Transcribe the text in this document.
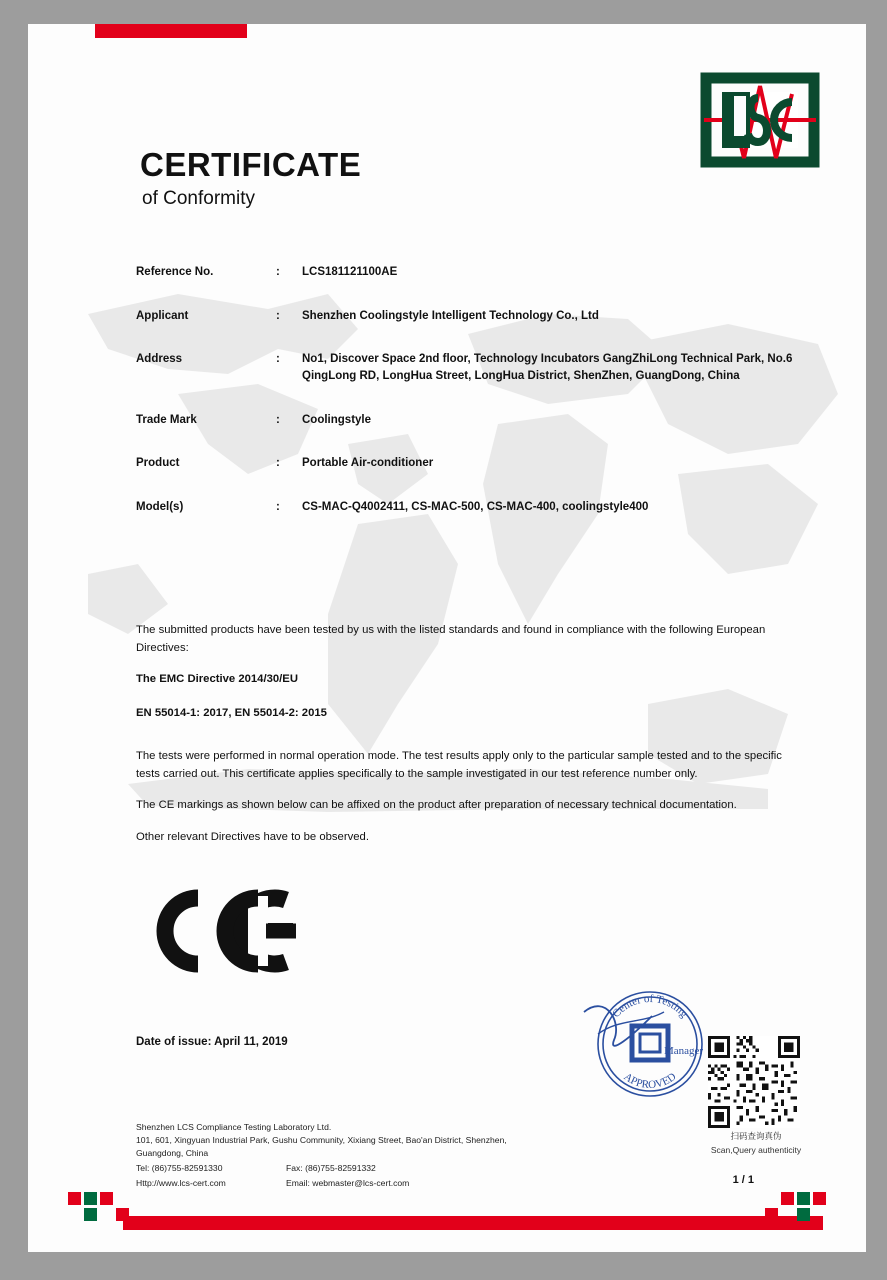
CERTIFICATE
of Conformity
Reference No.	:	LCS181121100AE
Applicant	:	Shenzhen Coolingstyle Intelligent Technology Co., Ltd
Address	:	No1, Discover Space 2nd floor, Technology Incubators GangZhiLong Technical Park, No.6 QingLong RD, LongHua Street, LongHua District, ShenZhen, GuangDong, China
Trade Mark	:	Coolingstyle
Product	:	Portable Air-conditioner
Model(s)	:	CS-MAC-Q4002411, CS-MAC-500, CS-MAC-400, coolingstyle400
The submitted products have been tested by us with the listed standards and found in compliance with the following European Directives:
The EMC Directive 2014/30/EU
EN 55014-1: 2017, EN 55014-2: 2015
The tests were performed in normal operation mode. The test results apply only to the particular sample tested and to the specific tests carried out. This certificate applies specifically to the sample investigated in our test reference number only.
The CE markings as shown below can be affixed on the product after preparation of necessary technical documentation.
Other relevant Directives have to be observed.
Date of issue: April 11, 2019
Center of Testing
APPROVED
Manager
扫码查询真伪
Scan,Query authenticity
Shenzhen LCS Compliance Testing Laboratory Ltd.
101, 601, Xingyuan Industrial Park, Gushu Community, Xixiang Street, Bao'an District, Shenzhen,
Guangdong, China
Tel: (86)755-82591330	Fax: (86)755-82591332
Http://www.lcs-cert.com	Email: webmaster@lcs-cert.com	1 / 1
